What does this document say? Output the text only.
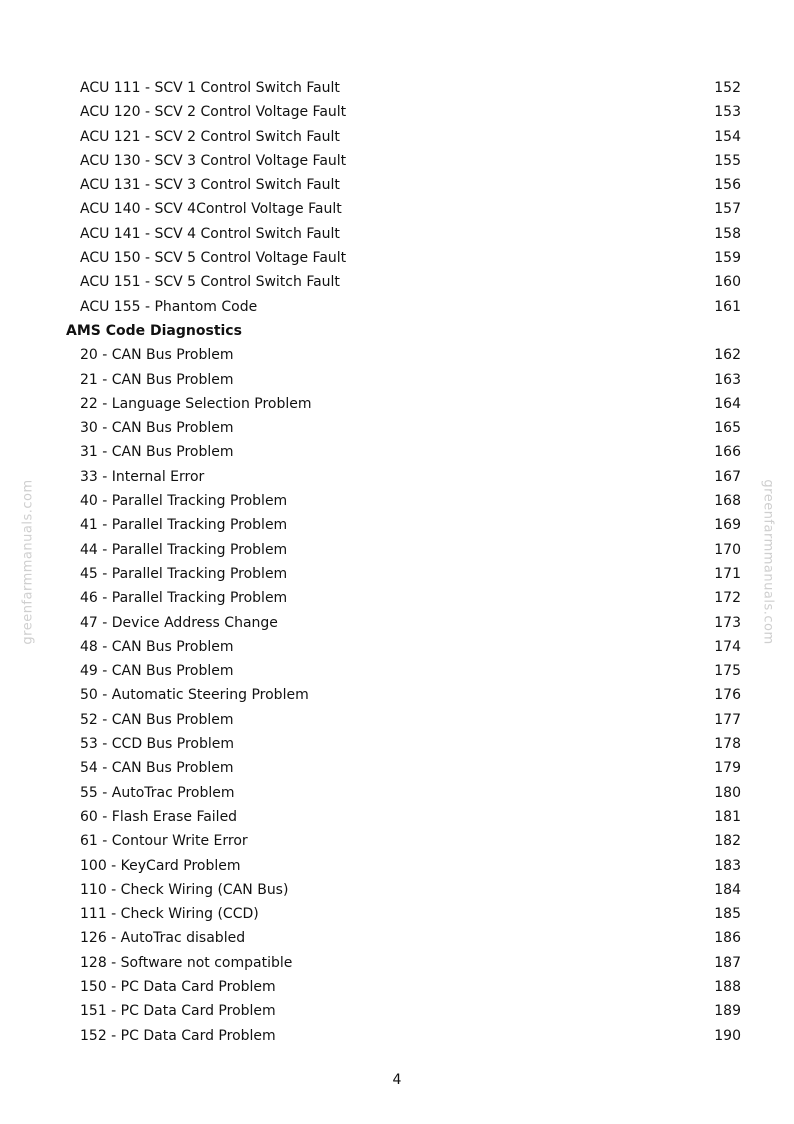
ACU 111 - SCV 1 Control Switch Fault	152
ACU 120 - SCV 2 Control Voltage Fault	153
ACU 121 - SCV 2 Control Switch Fault	154
ACU 130 - SCV 3 Control Voltage Fault	155
ACU 131 - SCV 3 Control Switch Fault	156
ACU 140 - SCV 4Control Voltage Fault	157
ACU 141 - SCV 4 Control Switch Fault	158
ACU 150 - SCV 5 Control Voltage Fault	159
ACU 151 - SCV 5 Control Switch Fault	160
ACU 155 - Phantom Code	161
AMS Code Diagnostics
20 - CAN Bus Problem	162
21 - CAN Bus Problem	163
22 - Language Selection Problem	164
30 - CAN Bus Problem	165
31 - CAN Bus Problem	166
33 - Internal Error	167
40 - Parallel Tracking Problem	168
41 - Parallel Tracking Problem	169
44 - Parallel Tracking Problem	170
45 - Parallel Tracking Problem	171
46 - Parallel Tracking Problem	172
47 - Device Address Change	173
48 - CAN Bus Problem	174
49 - CAN Bus Problem	175
50 - Automatic Steering Problem	176
52 - CAN Bus Problem	177
53 - CCD Bus Problem	178
54 - CAN Bus Problem	179
55 - AutoTrac Problem	180
60 - Flash Erase Failed	181
61 - Contour Write Error	182
100 - KeyCard Problem	183
110 - Check Wiring (CAN Bus)	184
111 - Check Wiring (CCD)	185
126 - AutoTrac disabled	186
128 - Software not compatible	187
150 - PC Data Card Problem	188
151 - PC Data Card Problem	189
152 - PC Data Card Problem	190
greenfarmmanuals.com	greenfarmmanuals.com
4
